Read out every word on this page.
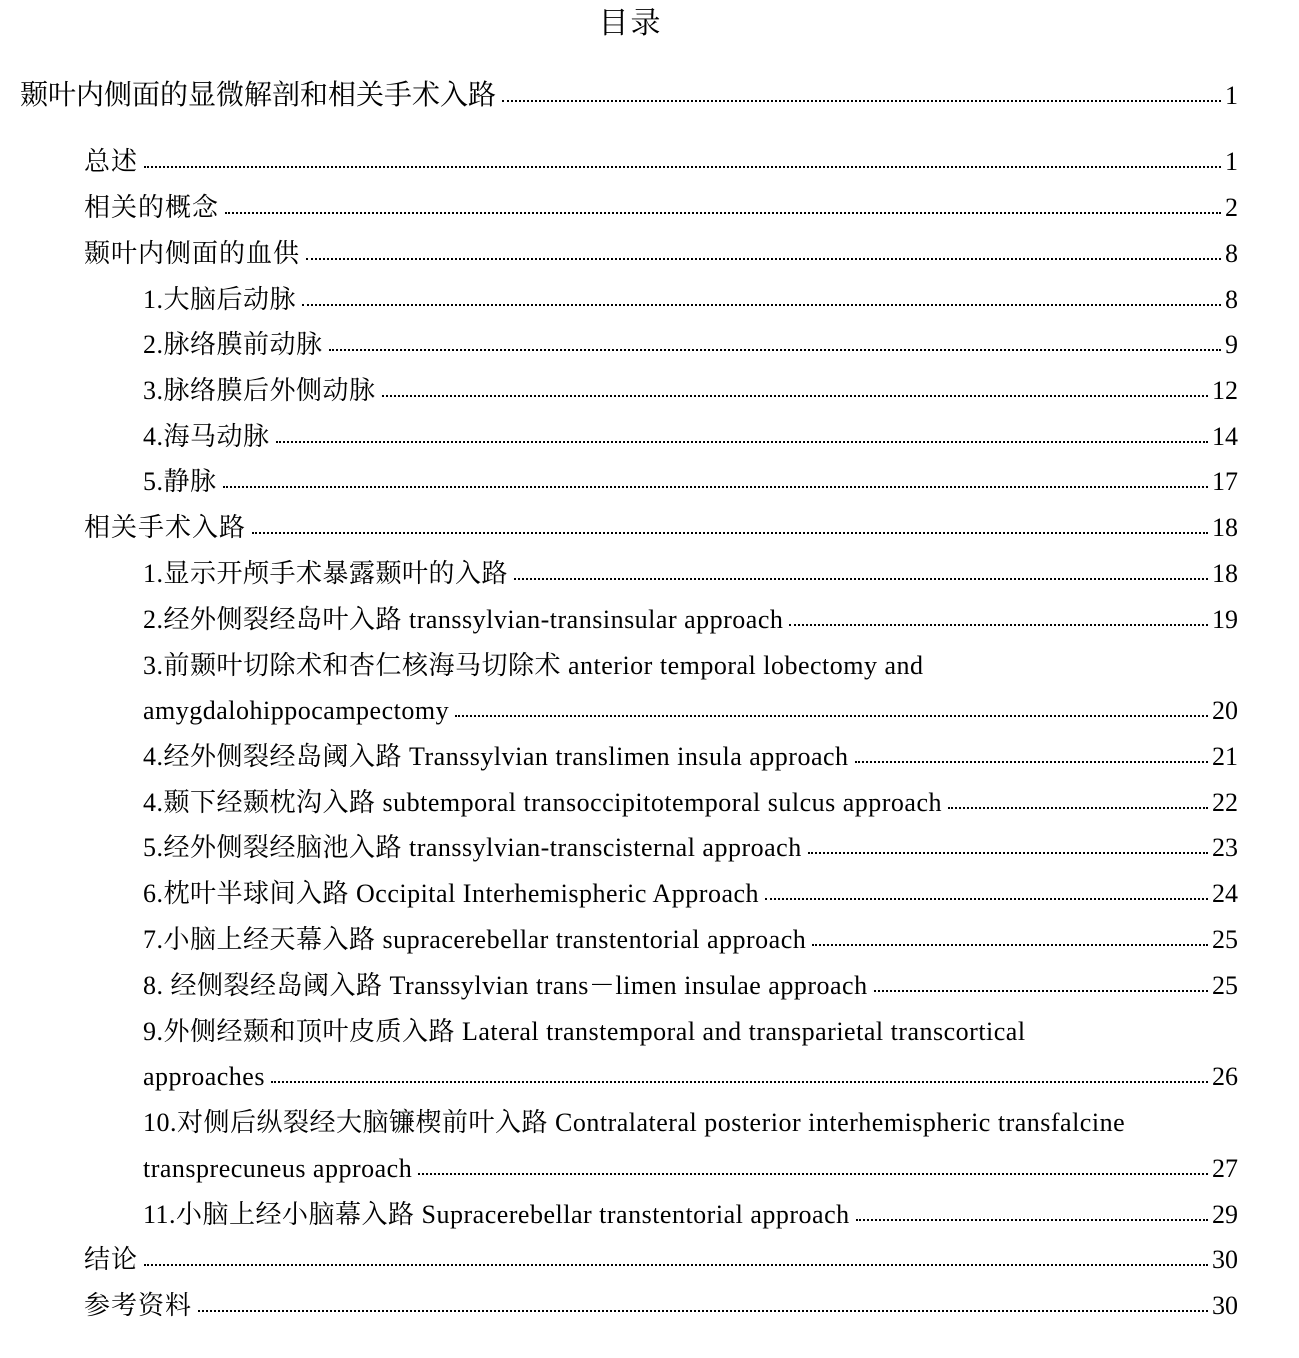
目录
颞叶内侧面的显微解剖和相关手术入路	1
总述	1
相关的概念	2
颞叶内侧面的血供	8
1.大脑后动脉	8
2.脉络膜前动脉	9
3.脉络膜后外侧动脉	12
4.海马动脉	14
5.静脉	17
相关手术入路	18
1.显示开颅手术暴露颞叶的入路	18
2.经外侧裂经岛叶入路 transsylvian-transinsular approach	19
3.前颞叶切除术和杏仁核海马切除术 anterior temporal lobectomy and
amygdalohippocampectomy	20
4.经外侧裂经岛阈入路 Transsylvian translimen insula approach	21
4.颞下经颞枕沟入路 subtemporal transoccipitotemporal sulcus approach	22
5.经外侧裂经脑池入路 transsylvian-transcisternal approach	23
6.枕叶半球间入路 Occipital Interhemispheric Approach	24
7.小脑上经天幕入路 supracerebellar transtentorial approach	25
8. 经侧裂经岛阈入路 Transsylvian trans－limen insulae approach	25
9.外侧经颞和顶叶皮质入路 Lateral transtemporal and transparietal transcortical
approaches	26
10.对侧后纵裂经大脑镰楔前叶入路 Contralateral posterior interhemispheric transfalcine
transprecuneus approach	27
11.小脑上经小脑幕入路 Supracerebellar transtentorial approach	29
结论	30
参考资料	30
